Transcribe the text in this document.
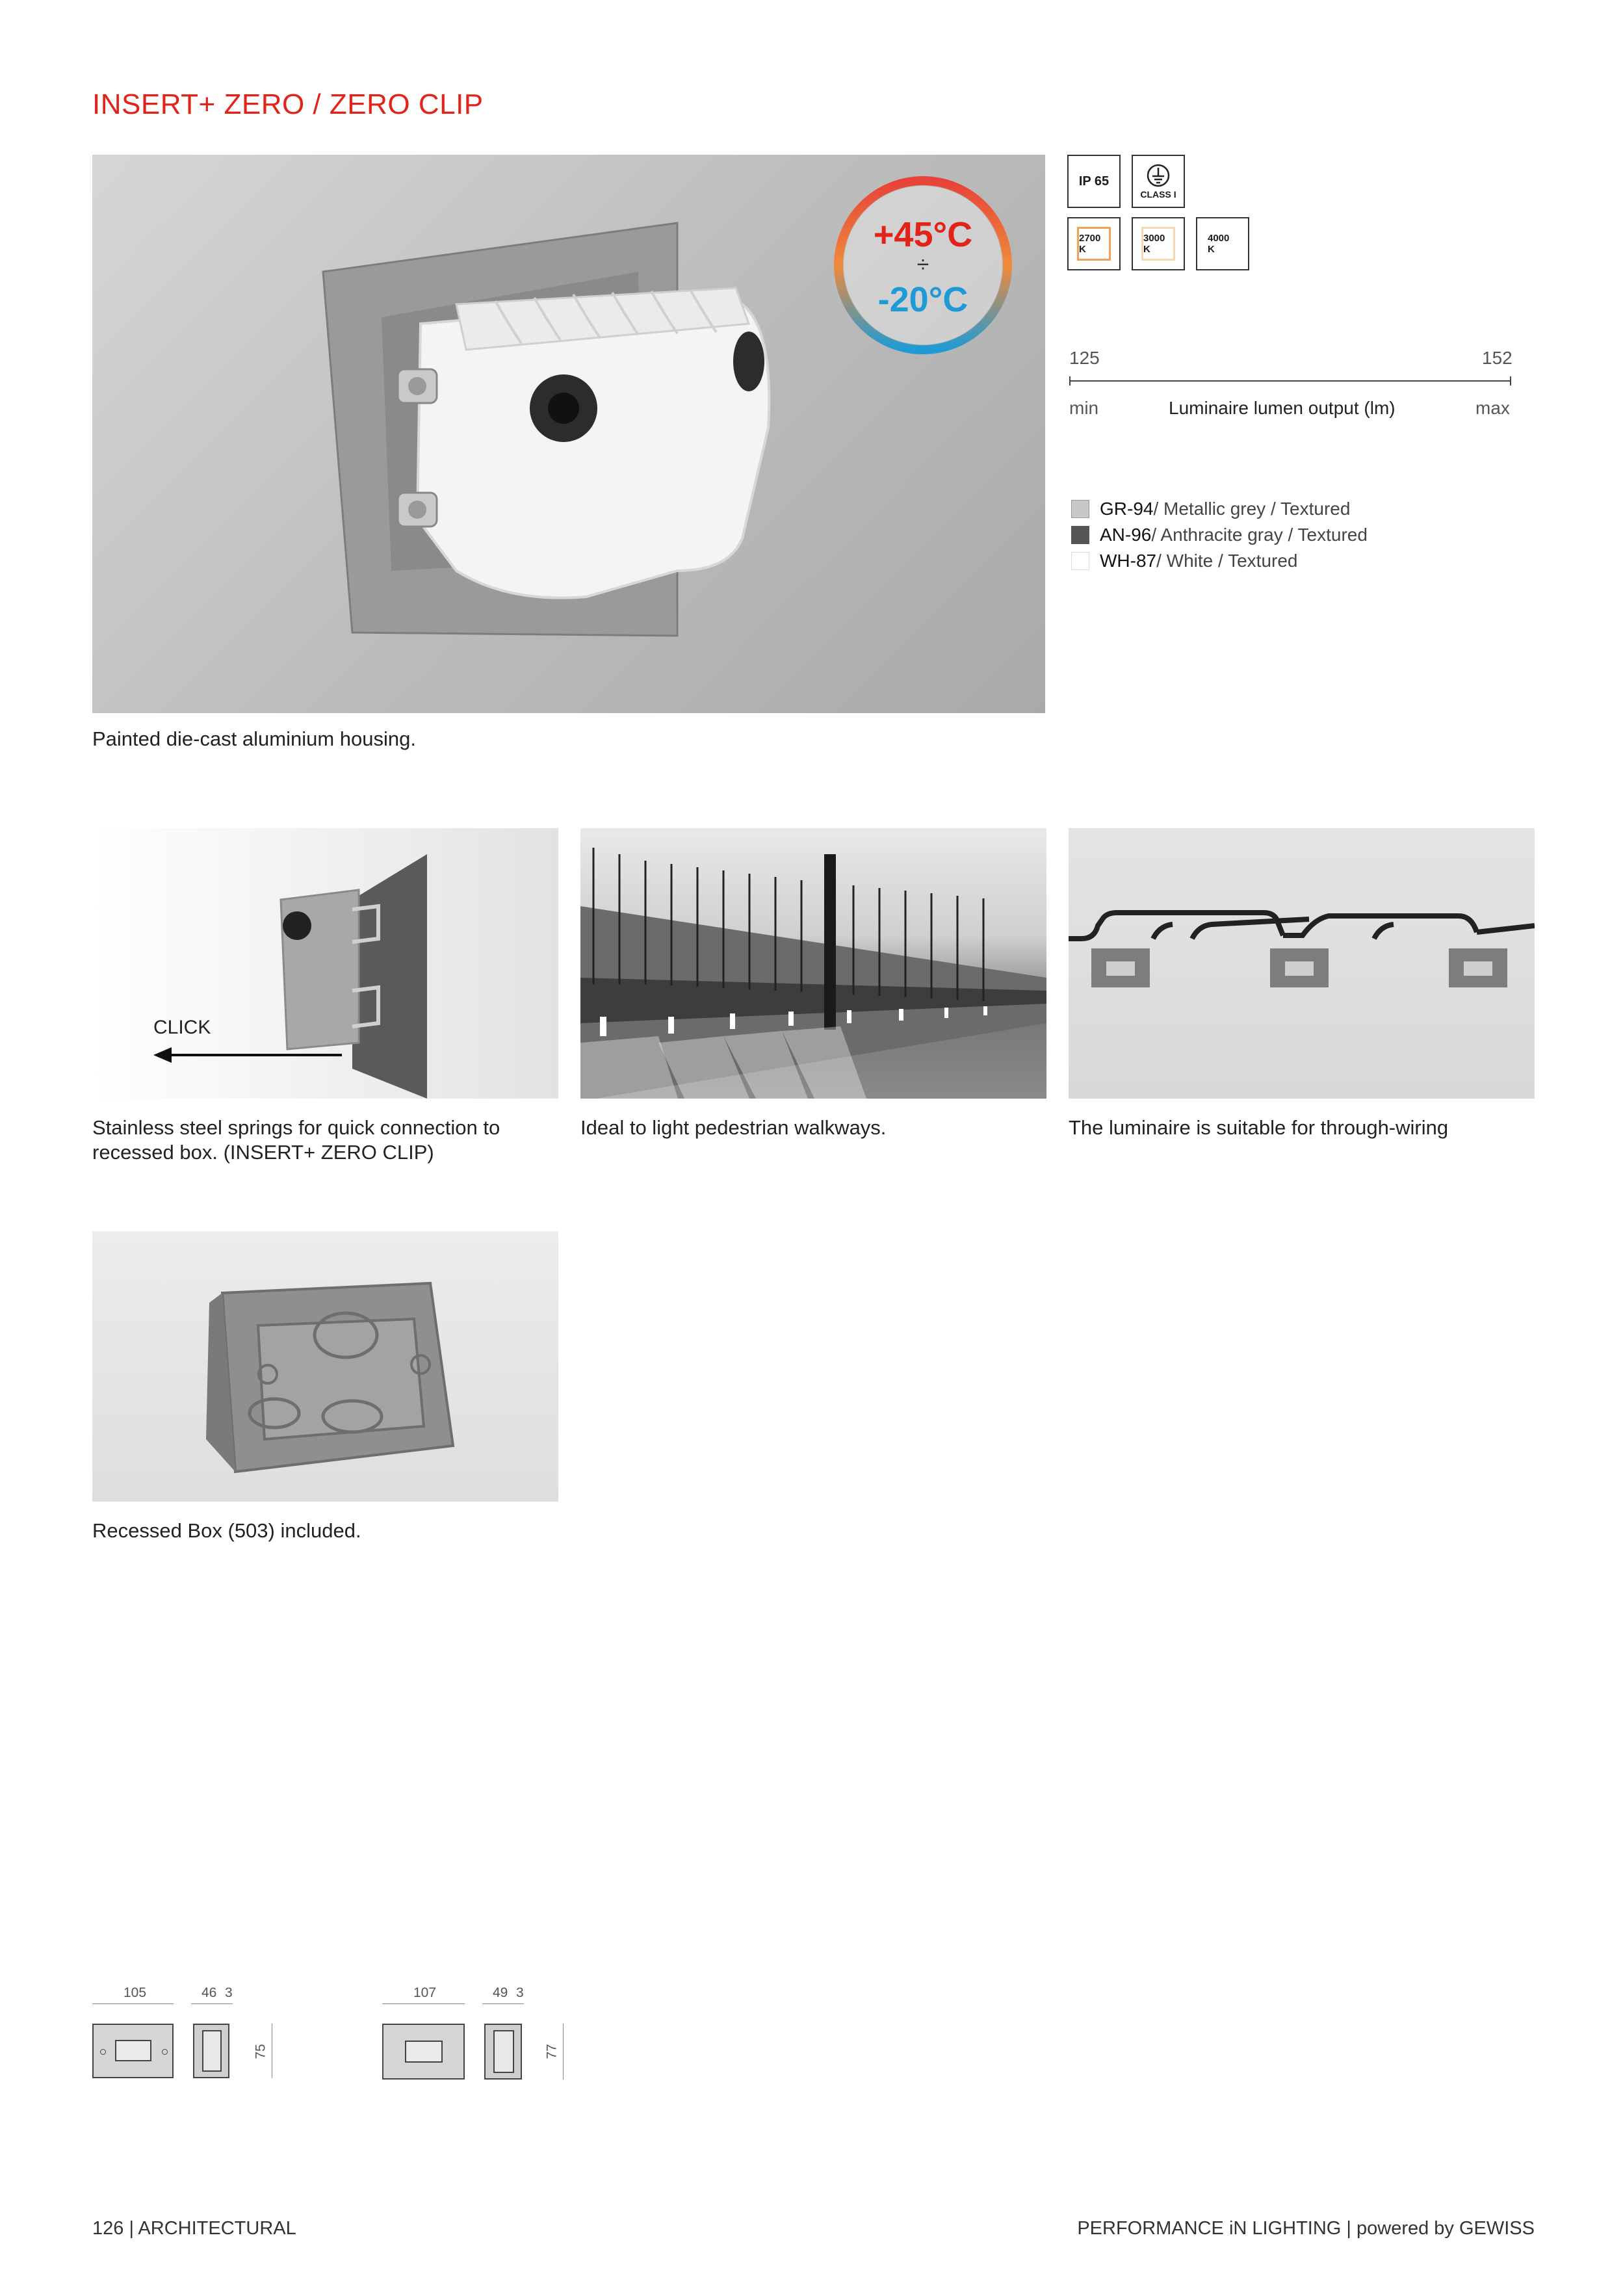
INSERT+ ZERO / ZERO CLIP
+45°C
÷
-20°C
Painted die-cast aluminium housing.
IP 65
CLASS I
2700 K
3000 K
4000 K
125	152
min	Luminaire lumen output (lm)	max
GR-94 / Metallic grey / Textured
AN-96 / Anthracite gray / Textured
WH-87 / White / Textured
CLICK
Stainless steel springs for quick connection to recessed box. (INSERT+ ZERO CLIP)
Ideal to light pedestrian walkways.	The luminaire is suitable for through-wiring
Recessed Box (503) included.
105	46 3
75
107	49 3
77
126 | ARCHITECTURAL	PERFORMANCE iN LIGHTING | powered by GEWISS
